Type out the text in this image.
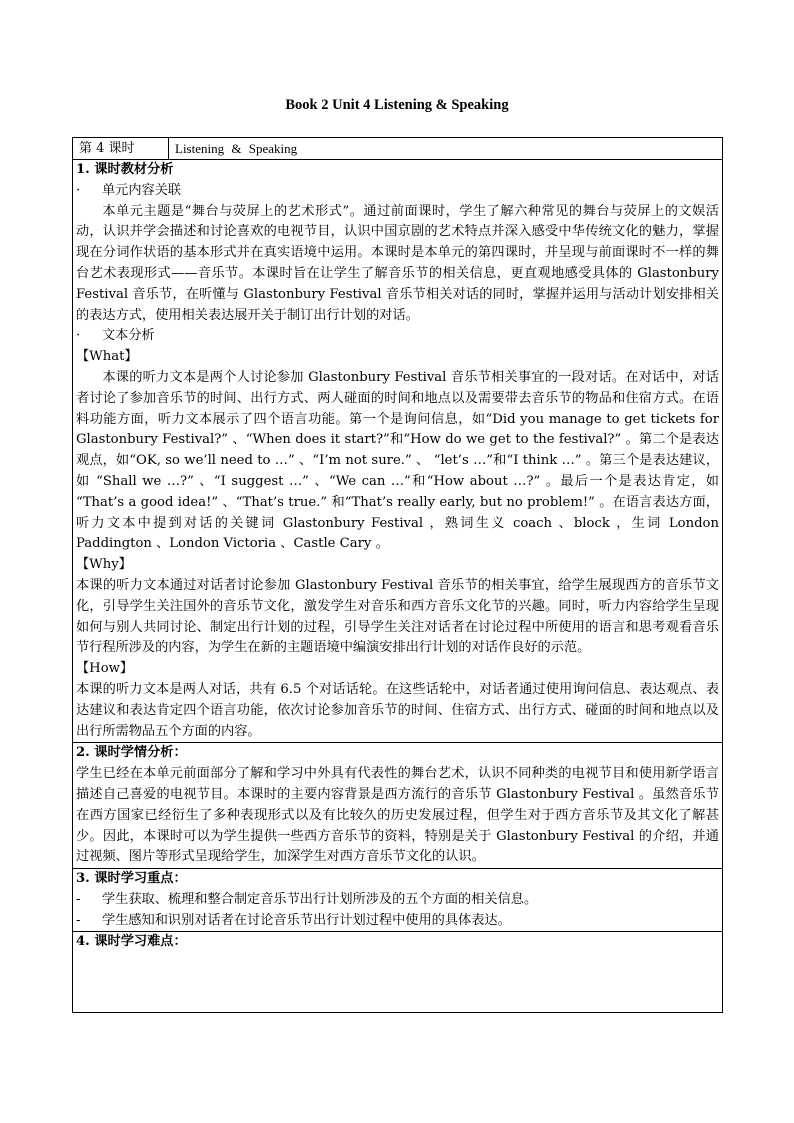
Book 2 Unit 4 Listening & Speaking
第 4 课时	Listening & Speaking
1. 课时教材分析
· 单元内容关联
本单元主题是“舞台与荧屏上的艺术形式”。通过前面课时，学生了解六种常见的舞台与荧屏上的文娱活动，认识并学会描述和讨论喜欢的电视节目，认识中国京剧的艺术特点并深入感受中华传统文化的魅力，掌握现在分词作状语的基本形式并在真实语境中运用。本课时是本单元的第四课时，并呈现与前面课时不一样的舞台艺术表现形式——音乐节。本课时旨在让学生了解音乐节的相关信息，更直观地感受具体的 Glastonbury Festival 音乐节，在听懂与 Glastonbury Festival 音乐节相关对话的同时，掌握并运用与活动计划安排相关的表达方式，使用相关表达展开关于制订出行计划的对话。
· 文本分析
【What】
本课的听力文本是两个人讨论参加 Glastonbury Festival 音乐节相关事宜的一段对话。在对话中，对话者讨论了参加音乐节的时间、出行方式、两人碰面的时间和地点以及需要带去音乐节的物品和住宿方式。在语料功能方面，听力文本展示了四个语言功能。第一个是询问信息，如“Did you manage to get tickets for Glastonbury Festival?” 、“When does it start?”和“How do we get to the festival?” 。第二个是表达观点，如“OK, so we’ll need to …” 、“I’m not sure.” 、 “let’s …”和“I think …” 。第三个是表达建议，如 “Shall we …?” 、“I suggest …” 、“We can …”和“How about …?” 。最后一个是表达肯定，如 “That’s a good idea!” 、“That’s true.” 和“That’s really early, but no problem!” 。在语言表达方面，听力文本中提到对话的关键词 Glastonbury Festival ，熟词生义 coach 、block ，生词 London Paddington 、London Victoria 、Castle Cary 。
【Why】
本课的听力文本通过对话者讨论参加 Glastonbury Festival 音乐节的相关事宜，给学生展现西方的音乐节文化，引导学生关注国外的音乐节文化，激发学生对音乐和西方音乐文化节的兴趣。同时，听力内容给学生呈现如何与别人共同讨论、制定出行计划的过程，引导学生关注对话者在讨论过程中所使用的语言和思考观看音乐节行程所涉及的内容，为学生在新的主题语境中编演安排出行计划的对话作良好的示范。
【How】
本课的听力文本是两人对话，共有 6.5 个对话话轮。在这些话轮中，对话者通过使用询问信息、表达观点、表达建议和表达肯定四个语言功能，依次讨论参加音乐节的时间、住宿方式、出行方式、碰面的时间和地点以及出行所需物品五个方面的内容。
2. 课时学情分析：
学生已经在本单元前面部分了解和学习中外具有代表性的舞台艺术，认识不同种类的电视节目和使用新学语言描述自己喜爱的电视节目。本课时的主要内容背景是西方流行的音乐节 Glastonbury Festival 。虽然音乐节在西方国家已经衍生了多种表现形式以及有比较久的历史发展过程，但学生对于西方音乐节及其文化了解甚少。因此，本课时可以为学生提供一些西方音乐节的资料，特别是关于 Glastonbury Festival 的介绍，并通过视频、图片等形式呈现给学生，加深学生对西方音乐节文化的认识。
3. 课时学习重点：
- 学生获取、梳理和整合制定音乐节出行计划所涉及的五个方面的相关信息。
- 学生感知和识别对话者在讨论音乐节出行计划过程中使用的具体表达。
4. 课时学习难点：
